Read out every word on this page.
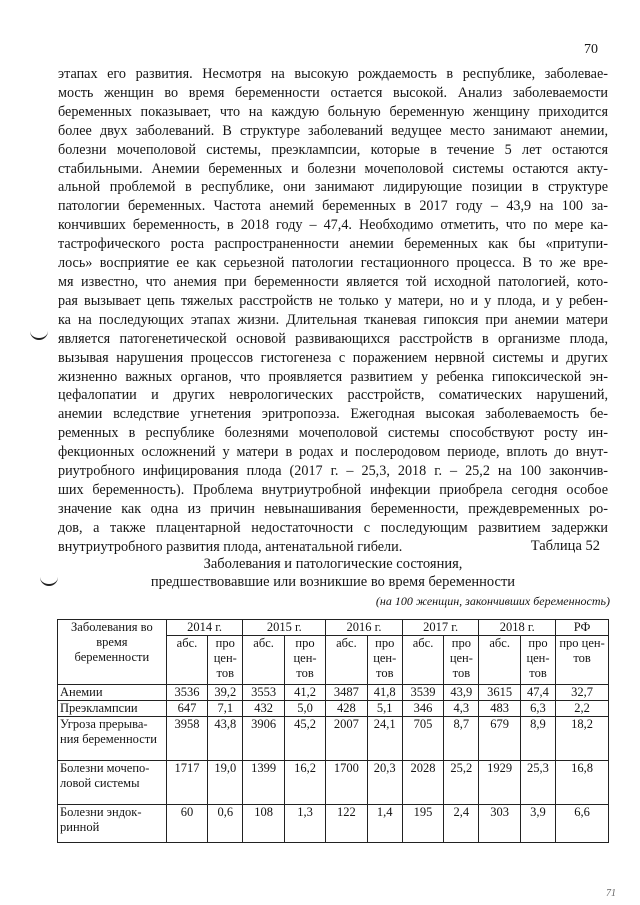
70
этапах его развития. Несмотря на высокую рождаемость в республике, заболевае-
мость женщин во время беременности остается высокой. Анализ заболеваемости
беременных показывает, что на каждую больную беременную женщину приходится
более двух заболеваний. В структуре заболеваний ведущее место занимают анемии,
болезни мочеполовой системы, преэклампсии, которые в течение 5 лет остаются
стабильными. Анемии беременных и болезни мочеполовой системы остаются акту-
альной проблемой в республике, они занимают лидирующие позиции в структуре
патологии беременных. Частота анемий беременных в 2017 году – 43,9 на 100 за-
кончивших беременность, в 2018 году – 47,4. Необходимо отметить, что по мере ка-
тастрофического роста распространенности анемии беременных как бы «притупи-
лось» восприятие ее как серьезной патологии гестационного процесса. В то же вре-
мя известно, что анемия при беременности является той исходной патологией, кото-
рая вызывает цепь тяжелых расстройств не только у матери, но и у плода, и у ребен-
ка на последующих этапах жизни. Длительная тканевая гипоксия при анемии матери
является патогенетической основой развивающихся расстройств в организме плода,
вызывая нарушения процессов гистогенеза с поражением нервной системы и других
жизненно важных органов, что проявляется развитием у ребенка гипоксической эн-
цефалопатии и других неврологических расстройств, соматических нарушений,
анемии вследствие угнетения эритропоэза. Ежегодная высокая заболеваемость бе-
ременных в республике болезнями мочеполовой системы способствуют росту ин-
фекционных осложнений у матери в родах и послеродовом периоде, вплоть до внут-
риутробного инфицирования плода (2017 г. – 25,3, 2018 г. – 25,2 на 100 закончив-
ших беременность). Проблема внутриутробной инфекции приобрела сегодня особое
значение как одна из причин невынашивания беременности, преждевременных ро-
дов, а также плацентарной недостаточности с последующим развитием задержки
внутриутробного развития плода, антенатальной гибели.	Таблица 52
Заболевания и патологические состояния,
предшествовавшие или возникшие во время беременности
(на 100 женщин, закончивших беременность)
Заболевания во время беременности	2014 г.		2015 г.		2016 г.		2017 г.		2018 г.		РФ
	абс.	про цен- тов	абс.	про цен- тов	абс.	про цен- тов	абс.	про цен- тов	абс.	про цен- тов	про цен- тов
Анемии	3536	39,2	3553	41,2	3487	41,8	3539	43,9	3615	47,4	32,7
Преэклампсии	647	7,1	432	5,0	428	5,1	346	4,3	483	6,3	2,2
Угроза прерыва- ния беременности	3958	43,8	3906	45,2	2007	24,1	705	8,7	679	8,9	18,2
Болезни мочепо- ловой системы	1717	19,0	1399	16,2	1700	20,3	2028	25,2	1929	25,3	16,8
Болезни эндок- ринной	60	0,6	108	1,3	122	1,4	195	2,4	303	3,9	6,6
71
